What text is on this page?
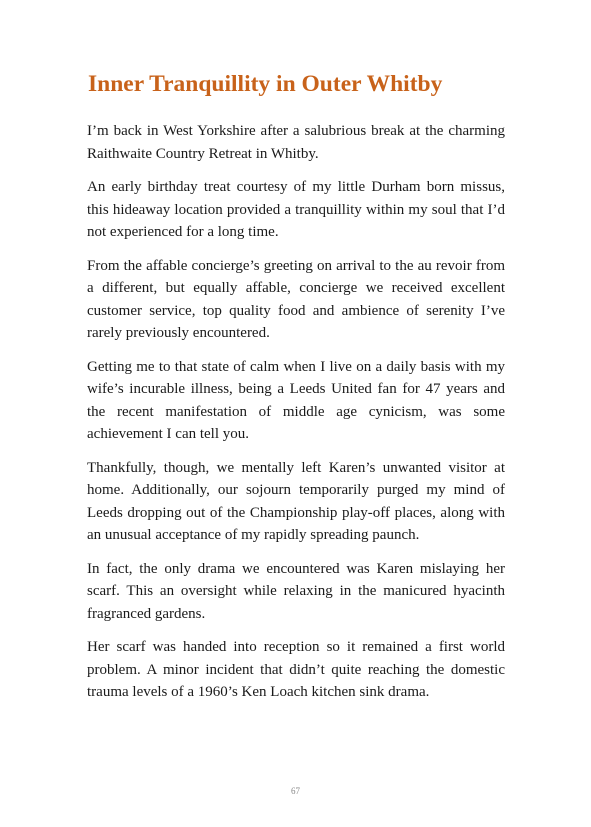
Inner Tranquillity in Outer Whitby

I’m back in West Yorkshire after a salubrious break at the charming Raithwaite Country Retreat in Whitby.

An early birthday treat courtesy of my little Durham born missus, this hideaway location provided a tranquillity within my soul that I’d not experienced for a long time.

From the affable concierge’s greeting on arrival to the au revoir from a different, but equally affable, concierge we received excellent customer service, top quality food and ambience of serenity I’ve rarely previously encountered.

Getting me to that state of calm when I live on a daily basis with my wife’s incurable illness, being a Leeds United fan for 47 years and the recent manifestation of middle age cynicism, was some achievement I can tell you.

Thankfully, though, we mentally left Karen’s unwanted visitor at home. Additionally, our sojourn temporarily purged my mind of Leeds dropping out of the Championship play-off places, along with an unusual acceptance of my rapidly spreading paunch.

In fact, the only drama we encountered was Karen mislaying her scarf. This an oversight while relaxing in the manicured hyacinth fragranced gardens.

Her scarf was handed into reception so it remained a first world problem. A minor incident that didn’t quite reaching the domestic trauma levels of a 1960’s Ken Loach kitchen sink drama.

67
